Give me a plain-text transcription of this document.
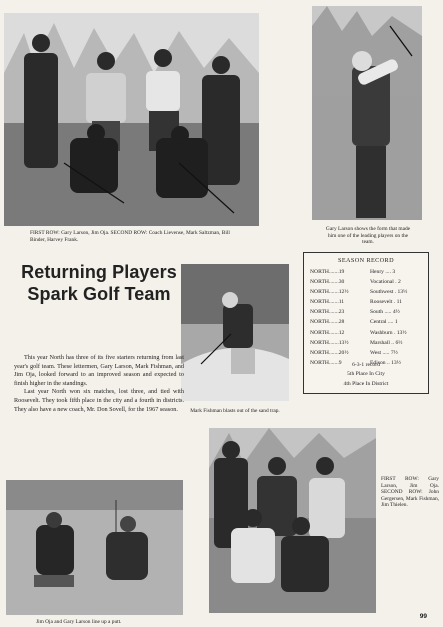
FIRST ROW: Gary Larson, Jim Oja. SECOND ROW: Coach Lievense, Mark Saltzman, Bill Binder, Harvey Frank.
Gary Larson shows the form that made him one of the leading players on the team.
Returning Players
Spark Golf Team
Mark Fishman blasts out of the sand trap.

This year North has three of its five starters returning from last year's golf team. These lettermen, Gary Larson, Mark Fishman, and Jim Oja, looked forward to an improved season and expected to finish higher in the standings.

Last year North won six matches, lost three, and tied with Roosevelt. They took fifth place in the city and a fourth in districts. They also have a new coach, Mr. Don Sovell, for the 1967 season.

SEASON RECORD
NORTH.......19	Henry .... 3
NORTH.......30	Vocational . 2
NORTH.......12½	Southwest . 13½
NORTH.......11	Roosevelt . 11
NORTH.......23	South ..... 4½
NORTH.......28	Central .... 1
NORTH.......12	Washburn . 13½
NORTH.......13½	Marshall .. 6½
NORTH.......20½	West ..... 7½
NORTH.......9	Edison .. 13½
6-3-1 record
5th Place In City
4th Place In District
Jim Oja and Gary Larson line up a putt.
FIRST ROW: Gary Larson, Jim Oja. SECOND ROW: John Gergersen, Mark Fishman, Jim Thielen.
99
